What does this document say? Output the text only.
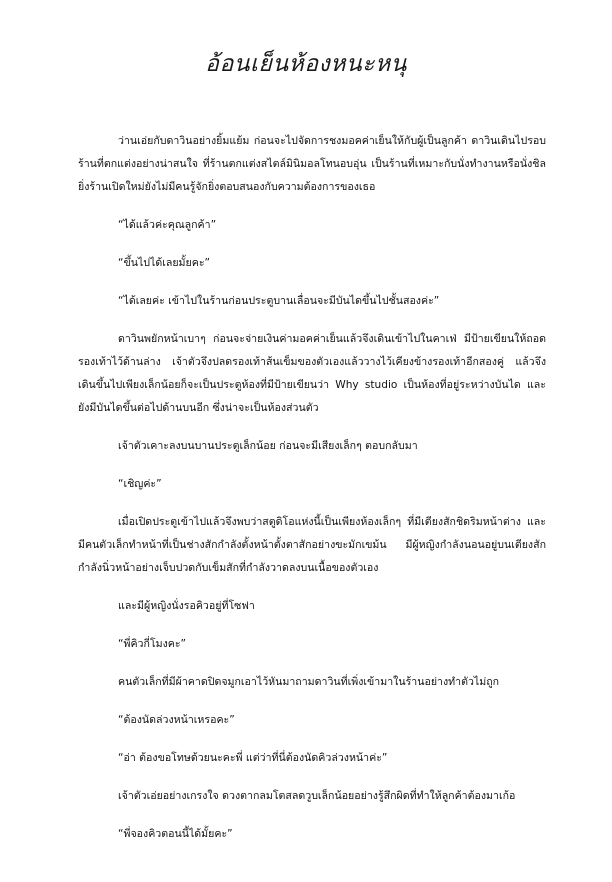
อ้อนเย็นห้องหนะหนุ

ว่านเอ่ยกับดาวินอย่างยิ้มแย้ม ก่อนจะไปจัดการชงมอคค่าเย็นให้กับผู้เป็นลูกค้า ดาวินเดินไปรอบร้านที่ตกแต่งอย่างน่าสนใจ ที่ร้านตกแต่งสไตล์มินิมอลโทนอบอุ่น เป็นร้านที่เหมาะกับนั่งทำงานหรือนั่งชิล ยิ่งร้านเปิดใหม่ยังไม่มีคนรู้จักยิ่งตอบสนองกับความต้องการของเธอ

“ได้แล้วค่ะคุณลูกค้า”

“ขึ้นไปได้เลยมั้ยคะ”

“ได้เลยค่ะ เข้าไปในร้านก่อนประตูบานเลื่อนจะมีบันไดขึ้นไปชั้นสองค่ะ”

ดาวินพยักหน้าเบาๆ ก่อนจะจ่ายเงินค่ามอคค่าเย็นแล้วจึงเดินเข้าไปในคาเฟ่ มีป้ายเขียนให้ถอดรองเท้าไว้ด้านล่าง เจ้าตัวจึงปลดรองเท้าส้นเข็มของตัวเองแล้ววางไว้เคียงข้างรองเท้าอีกสองคู่ แล้วจึงเดินขึ้นไปเพียงเล็กน้อยก็จะเป็นประตูห้องที่มีป้ายเขียนว่า Why studio เป็นห้องที่อยู่ระหว่างบันได และยังมีบันไดขึ้นต่อไปด้านบนอีก ซึ่งน่าจะเป็นห้องส่วนตัว

เจ้าตัวเคาะลงบนบานประตูเล็กน้อย ก่อนจะมีเสียงเล็กๆ ตอบกลับมา

“เชิญค่ะ”

เมื่อเปิดประตูเข้าไปแล้วจึงพบว่าสตูดิโอแห่งนี้เป็นเพียงห้องเล็กๆ ที่มีเตียงสักชิดริมหน้าต่าง และมีคนตัวเล็กทำหน้าที่เป็นช่างสักกำลังตั้งหน้าตั้งตาสักอย่างขะมักเขม้น มีผู้หญิงกำลังนอนอยู่บนเตียงสักกำลังนิ่วหน้าอย่างเจ็บปวดกับเข็มสักที่กำลังวาดลงบนเนื้อของตัวเอง

และมีผู้หญิงนั่งรอคิวอยู่ที่โซฟา

“พี่คิวกี่โมงคะ”

คนตัวเล็กที่มีผ้าคาดปิดจมูกเอาไว้หันมาถามดาวินที่เพิ่งเข้ามาในร้านอย่างทำตัวไม่ถูก

“ต้องนัดล่วงหน้าเหรอคะ”

“อ่า ต้องขอโทษด้วยนะคะพี่ แต่ว่าที่นี่ต้องนัดคิวล่วงหน้าค่ะ”

เจ้าตัวเอ่ยอย่างเกรงใจ ดวงตากลมโตสลดวูบเล็กน้อยอย่างรู้สึกผิดที่ทำให้ลูกค้าต้องมาเก้อ

“พี่จองคิวตอนนี้ได้มั้ยคะ”
